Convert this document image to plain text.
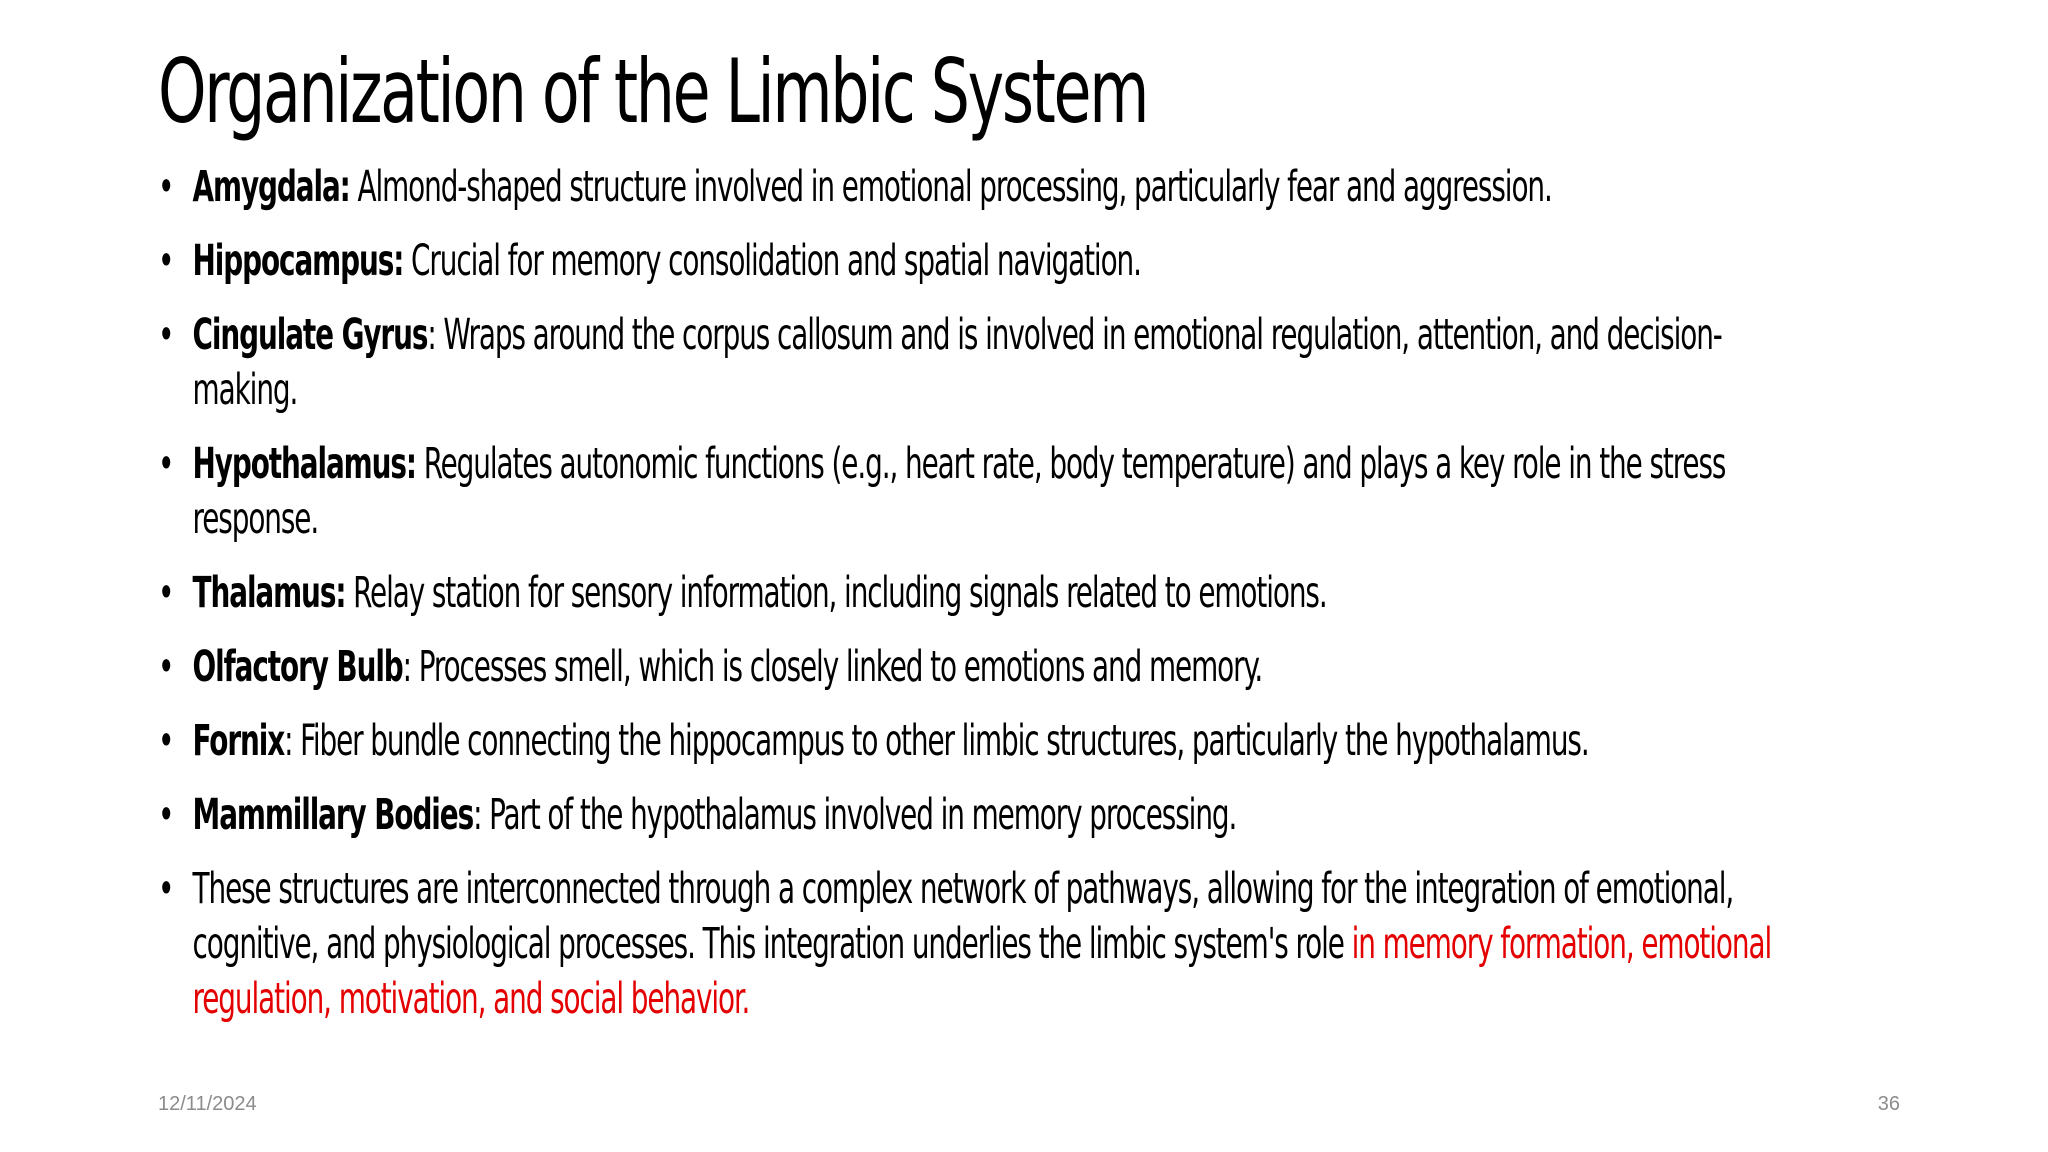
Organization of the Limbic System
• Amygdala: Almond-shaped structure involved in emotional processing, particularly fear and aggression.
• Hippocampus: Crucial for memory consolidation and spatial navigation.
• Cingulate Gyrus: Wraps around the corpus callosum and is involved in emotional regulation, attention, and decision-making.
• Hypothalamus: Regulates autonomic functions (e.g., heart rate, body temperature) and plays a key role in the stress response.
• Thalamus: Relay station for sensory information, including signals related to emotions.
• Olfactory Bulb: Processes smell, which is closely linked to emotions and memory.
• Fornix: Fiber bundle connecting the hippocampus to other limbic structures, particularly the hypothalamus.
• Mammillary Bodies: Part of the hypothalamus involved in memory processing.
• These structures are interconnected through a complex network of pathways, allowing for the integration of emotional, cognitive, and physiological processes. This integration underlies the limbic system's role in memory formation, emotional regulation, motivation, and social behavior.
12/11/2024	36
